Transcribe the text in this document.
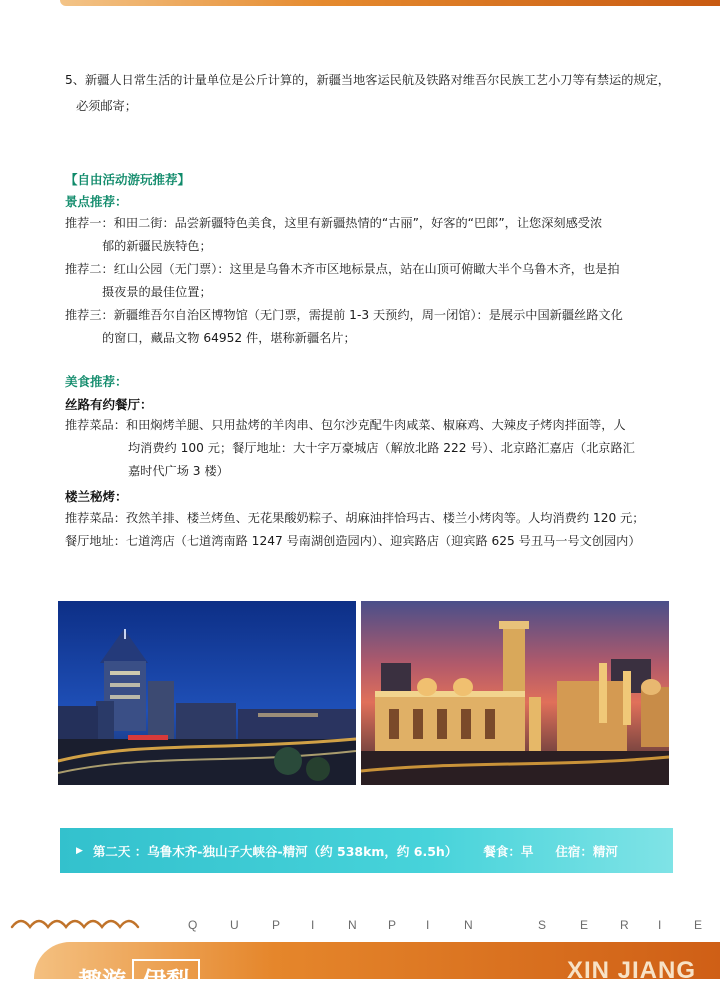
5、新疆人日常生活的计量单位是公斤计算的，新疆当地客运民航及铁路对维吾尔民族工艺小刀等有禁运的规定，
必须邮寄；
【自由活动游玩推荐】
景点推荐：
推荐一：和田二街：品尝新疆特色美食，这里有新疆热情的“古丽”，好客的“巴郎”，让您深刻感受浓
郁的新疆民族特色；
推荐二：红山公园（无门票）：这里是乌鲁木齐市区地标景点，站在山顶可俯瞰大半个乌鲁木齐，也是拍
摄夜景的最佳位置；
推荐三：新疆维吾尔自治区博物馆（无门票，需提前 1-3 天预约，周一闭馆）：是展示中国新疆丝路文化
的窗口，藏品文物 64952 件，堪称新疆名片；
美食推荐：
丝路有约餐厅：
推荐菜品：和田焖烤羊腿、只用盐烤的羊肉串、包尔沙克配牛肉咸菜、椒麻鸡、大辣皮子烤肉拌面等，人
均消费约 100 元；餐厅地址：大十字万豪城店（解放北路 222 号）、北京路汇嘉店（北京路汇
嘉时代广场 3 楼）
楼兰秘烤：
推荐菜品：孜然羊排、楼兰烤鱼、无花果酸奶粽子、胡麻油拌恰玛古、楼兰小烤肉等。人均消费约 120 元；
餐厅地址：七道湾店（七道湾南路 1247 号南湖创造园内）、迎宾路店（迎宾路 625 号丑马一号文创园内）
▶ 第二天 ：乌鲁木齐-独山子大峡谷-精河（约 538km，约 6.5h） 餐食：早 住宿：精河
Q	U	P	I	N	P I	N	S	E	R I	E
趣游 伊犁	XIN JIANG
